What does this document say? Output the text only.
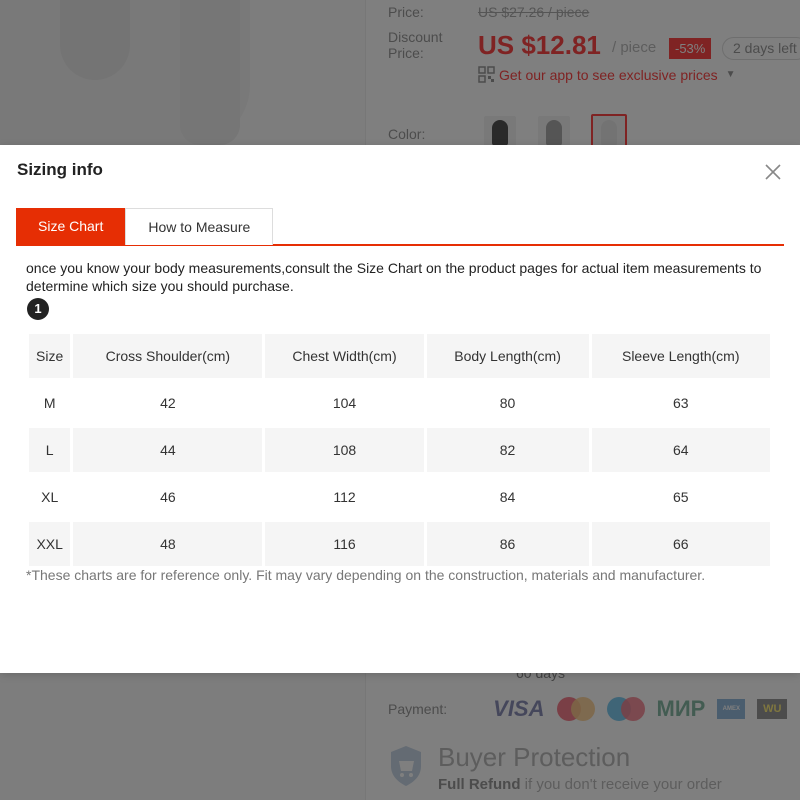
Sizing info
Size Chart	How to Measure
once you know your body measurements,consult the Size Chart on the product pages for actual item measurements to determine which size you should purchase.
1
Size	Cross Shoulder(cm)	Chest Width(cm)	Body Length(cm)	Sleeve Length(cm)
M	42	104	80	63
L	44	108	82	64
XL	46	112	84	65
XXL	48	116	86	66
*These charts are for reference only. Fit may vary depending on the construction, materials and manufacturer.
